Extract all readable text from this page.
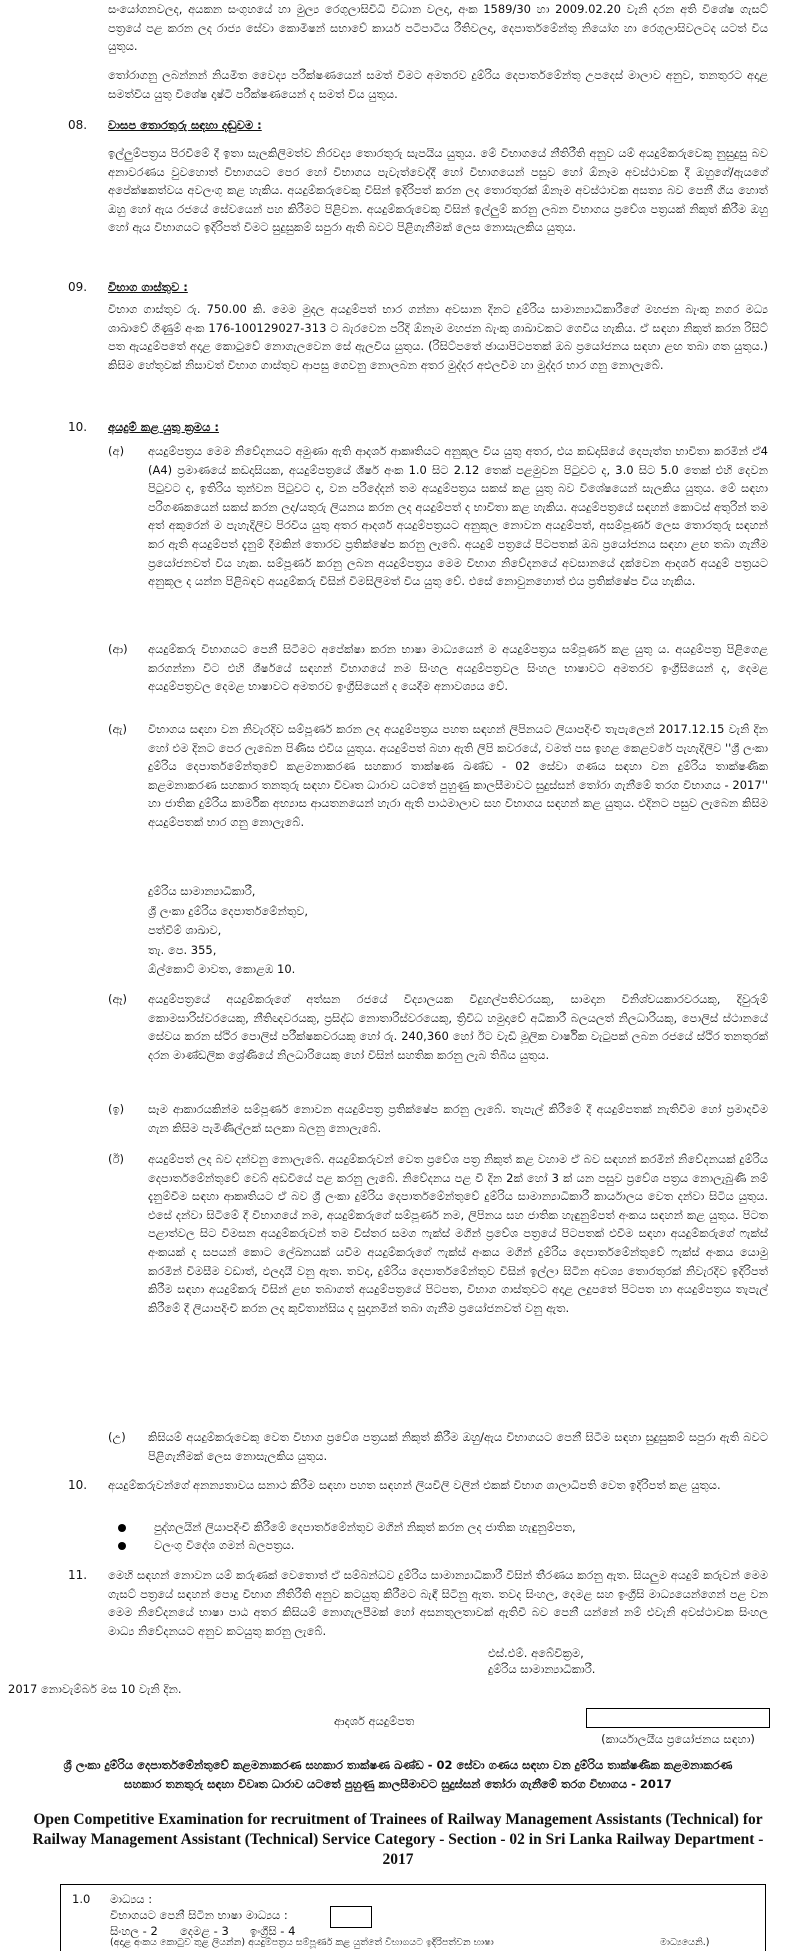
සංයෝගනවලද, අයකන සංගුහයේ හා මුල්‍ය රෙගුලාසිවිධි විධාන වලදා, අංක 1589/30 හා 2009.02.20 වැනි දරන අති විශේෂ ගැසට් පත්‍රයේ පළ කරන ලද රාජ්‍ය සේවා කොමිෂන් සභාවේ කාර්ය පටිපාටිය රීතිවලදා, දෙපාර්තමේන්තු නියෝග හා රෙගුලාසිවලටද යටත් විය යුතුය.

තෝරාගනු ලබන්නන් නියමිත වෛද්‍ය පරීක්ෂණයෙන් සමත් විමට අමතරව දුම්රිය දෙපාර්තමේන්තු උපදෙස් මාලාව අනුව, තනතුරට අදාළ සමත්විය යුතු විශේෂ දෘෂ්ටි පරීක්ෂණයෙන් ද සමත් විය යුතුය.

08. වාසප තොරතුරු සඳහා දඬුවම :

ඉල්ලුම්පත්‍රය පිරවීමේ දී ඉතා සැලකිලිමත්ව නිරවද්‍ය තොරතුරු සැපයිය යුතුය. මේ විභාගයේ නීතිරීති අනුව යම් අයදුම්කරුවෙකු නුසුදුසු බව අනාවරණය වුවහොත් විභාගයට පෙර හෝ විභාගය පැවැත්වෙද්දී හෝ විභාගයෙන් පසුව හෝ ඕනෑම අවස්ථාවක දී ඔහුගේ/ඇයගේ අපේක්ෂකත්වය අවලංගු කළ හැකිය. අයදුම්කරුවෙකු විසින් ඉදිරිපත් කරන ලද තොරතුරක් ඕනෑම අවස්ථාවක අසත්‍ය බව පෙනී ගිය හොත් ඔහු හෝ ඇය රජයේ සේවයෙන් පහ කිරීමට පිළිවන. අයදුම්කරුවෙකු විසින් ඉල්ලුම් කරනු ලබන විභාගය ප්‍රවේශ පත්‍රයක් නිකුත් කිරීම ඔහු හෝ ඇය විභාගයට ඉදිරිපත් විමට සුදුසුකම් සපුරා ඇති බවට පිළිගැනීමක් ලෙස නොසැලකිය යුතුය.

09. විභාග ගාස්තුව :

විභාග ගාස්තුව රු. 750.00 කි. මෙම මුදල අයදුම්පත් භාර ගන්නා අවසාන දිනට දුම්රිය සාමාන්‍යාධිකාරීගේ මහජන බැංකු නගර මධ්‍ය ශාඛාවේ ගිණුම් අංක 176-100129027-313 ට බැරවෙන පරිදි ඕනෑම මහජන බැංකු ශාඛාවකට ගෙවිය හැකිය. ඒ සඳහා නිකුත් කරන රිසිට් පත ඇයදුම්පතේ අදාළ කොටුවේ නොගැලවෙන සේ ඇලවිය යුතුය. (රිසිට්පතේ ඡායාපිටපතක් ඔබ ප්‍රයෝජනය සඳහා ළඟ තබා ගත යුතුය.) කිසිම හේතුවක් නිසාවත් විභාග ගාස්තුව ආපසු ගෙවනු නොලබන අතර මුද්දර අඑලවීම හා මුද්දර භාර ගනු නොලැබේ.

10. අයදුම් කළ යුතු ක්‍රමය :
(අ) අයදුම්පත්‍රය මෙම නිවේදනයට අමුණා ඇති ආදර්ශ ආකෘතියට අනුකූල විය යුතු අතර, එය කඩදාසියේ දෙපැත්ත භාවිතා කරමින් ඒ4 (A4) ප්‍රමාණයේ කඩදාසියක, අයදුම්පත්‍රයේ ශීර්ෂ අංක 1.0 සිට 2.12 තෙක් පළමුවන පිටුවට ද, 3.0 සිට 5.0 තෙක් එහි දෙවන පිටුවට ද, ඉතිරිය තුන්වන පිටුවට ද, වන පරිදේදන් තම අයදුම්පත්‍රය සකස් කළ යුතු බව විශේෂයෙන් සැලකිය යුතුය. මේ සඳහා පරිගණකයෙන් සකස් කරන ලද/යතුරු ලියනය කරන ලද අයදුම්පත් ද භාවිතා කළ හැකිය. අයදුම්පත්‍රයේ සඳහන් කොටස් අතුරින් තම අත් අකුරෙන් ම පැහැදිලිව පිරවිය යුතු අතර ආදර්ශ අයදුම්පත්‍රයට අනුකූල නොවන අයදුම්පත්, අසම්පූර්ණ ලෙස තොරතුරු සඳහන් කර ඇති අයදුම්පත් දැනුම් දීමකින් තොරව ප්‍රතික්ෂේප කරනු ලැබේ. අයදුම් පත්‍රයේ පිටපතක් ඔබ ප්‍රයෝජනය සඳහා ළඟ තබා ගැනීම ප්‍රයෝජනවත් විය හැක. සම්පූර්ණ කරනු ලබන අයදුම්පත්‍රය මෙම විභාග නිවේදනයේ අවසානයේ දක්වෙන ආදර්ශ අයදුම් පත්‍රයට අනුකූල ද යන්න පිළිබඳව අයදුම්කරු විසින් විමසිලිමත් විය යුතු වේ. එසේ නොවුනහොත් එය ප්‍රතික්ෂේප විය හැකිය.

(ආ) අයදුම්කරු විභාගයට පෙනී සිටීමට අපේක්ෂා කරන භාෂා මාධ්‍යයෙන් ම අයදුම්පත්‍රය සම්පූර්ණ කළ යුතු ය. අයදුම්පත්‍ර පිළිගෙළ කරගන්නා විට එහි ශීර්ෂයේ සඳහන් විභාගයේ නම සිංහල අයදුම්පත්‍රවල සිංහල භාෂාවට අමතරව ඉංග්‍රීසියෙන් ද, දෙමළ අයදුම්පත්‍රවල දෙමළ භාෂාවට අමතරව ඉංග්‍රීසියෙන් ද යෙදීම අනාවශ්‍යය වේ.

(ඇ) විභාගය සඳහා වන නිවැරදිව සම්පූර්ණ කරන ලද අයදුම්පත්‍රය පහත සඳහන් ලිපිනයට ලියාපදිංචි තැපැලෙන් 2017.12.15 වැනි දින හෝ එම දිනට පෙර ලැබෙන පිණිස එවිය යුතුය. අයදුම්පත් බහා ඇති ලිපි කවරයේ, වමත් පස ඉහළ කෙළවරේ පැහැදිලිව ''ශ්‍රී ලංකා දුම්රිය දෙපාර්තමේන්තුවේ කළමනාකරණ සහකාර තාක්ෂණ ඛණ්ඩ - 02 සේවා ගණය සඳහා වන දුම්රිය තාක්ෂණික කළමනාකරණ සහකාර තනතුරු සඳහා විවෘත ධාරාව යටතේ පුහුණු කාලසීමාවට සුදුස්සන් තෝරා ගැනීමේ තරග විභාගය - 2017'' හා ජාතික දුම්රිය කාර්මික අභ්‍යාස ආයතනයෙන් හැරා ඇති පාඨමාලාව සහ විභාගය සඳහන් කළ යුතුය. එදිනට පසුව ලැබෙන කිසිම අයදුම්පතක් භාර ගනු නොලැබේ.

දුම්රිය සාමාන්‍යාධිකාරී,
ශ්‍රී ලංකා දුම්රිය දෙපාර්තමේන්තුව,
පත්වීම් ශාඛාව,
තැ. පෙ. 355,
ඕල්කොට් මාවත, කොළඹ 10.
(ඈ) අයදුම්පත්‍රයේ අයදුම්කරුගේ අත්සන රජයේ විද්‍යාලයක විදුහල්පතිවරයකු, සාමදාන විනිශ්චයකාරවරයකු, දිවුරුම් කොමසාරිස්වරයෙකු, නීතිඥවරයකු, ප්‍රසිද්ධ නොතාරිස්වරයෙකු, ත්‍රිවිධ හමුදාවේ අධිකාරී බලයලත් නිලධාරියකු, පොලිස් ස්ථානයේ සේවය කරන ස්ථිර පොලිස් පරීක්ෂකවරයකු හෝ රු. 240,360 හෝ ඊට වැඩි මූලික වාර්ෂික වැටුපක් ලබන රජයේ ස්ථිර තනතුරක් දරන මාණ්ඩලික ශ්‍රේණියේ නිලධාරියෙකු හෝ විසින් සහතික කරනු ලැබ තිබිය යුතුය.

(ඉ) සෑම ආකාරයකින්ම සම්පූර්ණ නොවන අයදුම්පත්‍ර ප්‍රතික්ෂේප කරනු ලැබේ. තැපැල් කිරීමේ දී අයදුම්පතක් නැතිවීම හෝ ප්‍රමාදවීම ගැන කිසිම පැමිණිල්ලක් සලකා බලනු නොලැබේ.

(ඊ) අයදුම්පත් ලද බව දන්වනු නොලැබේ. අයදුම්කරුවන් වෙත ප්‍රවේශ පත්‍ර නිකුත් කළ වහාම ඒ බව සඳහන් කරමින් නිවේදනයක් දුම්රිය දෙපාර්තමේන්තුවේ වෙබ් අඩවියේ පළ කරනු ලැබේ. නිවේදනය පළ වී දින 2ක් හෝ 3 ක් යන පසුව ප්‍රවේශ පත්‍රය නොලැබුණි නම් දැනුම්වීම සඳහා ආකෘතියට ඒ බව ශ්‍රී ලංකා දුම්රිය දෙපාර්තමේන්තුවේ දුම්රිය සාමාන්‍යාධිකාරී කාර්යාලය වෙත දන්වා සිටිය යුතුය. එසේ දන්වා සිටිමේ දී විභාගයේ නම, අයදුම්කරුගේ සම්පූර්ණ නම, ලිපිනය සහ ජාතික හැඳුනුම්පත් අංකය සඳහන් කළ යුතුය. පිටත පළාත්වල සිට විමසන අයදුම්කරුවන් තම විස්තර සමග ෆැක්ස් මගින් ප්‍රවේශ පත්‍රයේ පිටපතක් එවීම සඳහා අයදුම්කරුගේ ෆැක්ස් අංකයක් ද සපයන් කොට ලේඛනයක් යවීම අයදුම්කරුගේ ෆැක්ස් අංකය මගින් දුම්රිය දෙපාර්තමේන්තුවේ ෆැක්ස් අංකය යොමු කරමින් විමසීම වඩාත්, ඵලදායී වනු ඇත. තවද, දුම්රිය දෙපාර්තමේන්තුව විසින් ඉල්ලා සිටින අවශ්‍ය තොරතුරක් නිවැරදිව ඉදිරිපත් කිරීම සඳහා අයදුම්කරු විසින් ළඟ තබාගත් අයදුම්පත්‍රයේ පිටපත, විභාග ගාස්තුවට අදාළ ලදුපතේ පිටපත හා අයදුම්පත්‍රය තැපැල් කිරීමේ දී ලියාපදිංචි කරන ලද කුවිතාන්සිය ද සුදානමින් තබා ගැනීම ප්‍රයෝජනවත් වනු ඇත.

(උ) කිසියම් අයදුම්කරුවෙකු වෙත විභාග ප්‍රවේශ පත්‍රයක් නිකුත් කිරීම ඔහු/ඇය විභාගයට පෙනී සිටීම සඳහා සුදුසුකම් සපුරා ඇති බවට පිළිගැනීමක් ලෙස නොසැලකිය යුතුය.

10. අයදුම්කරුවන්ගේ අනන්‍යතාවය සනාථ කිරීම සඳහා පහත සඳහන් ලියවිලි වලින් එකක් විභාග ශාලාධිපති වෙත ඉදිරිපත් කළ යුතුය.

පුද්ගලයින් ලියාපදිංචි කිරීමේ දෙපාර්තමේන්තුව මගින් නිකුත් කරන ලද ජාතික හැඳුනුම්පත,
වලංගු විදේශ ගමන් බලපත්‍රය.
11. මෙහි සඳහන් නොවන යම් කරුණක් වෙතොත් ඒ සම්බන්ධව දුම්රිය සාමාන්‍යාධිකාරී විසින් තීරණය කරනු ඇත. සියලුම අයදුම් කරුවන් මෙම ගැසට් පත්‍රයේ සඳහන් පොදු විභාග නීතිරීති අනුව කටයුතු කිරීමට බැඳී සිටිනු ඇත. තවද සිංහල, දෙමළ සහ ඉංග්‍රීසි මාධ්‍යයෙන්ගෙන් පළ වන මෙම නිවේදනයේ භාෂා පාඨ අතර කිසියම් නොගැලපීමක් හෝ අසනතුලතාවක් ඇතිවී බව පෙනී යන්නේ නම් එවැනි අවස්ථාවක සිංහල මාධ්‍ය නිවේදනයට අනුව කටයුතු කරනු ලැබේ.

එස්.එම්. අබේවික්‍රම,
දුම්රිය සාමාන්‍යාධිකාරී.
2017 නොවැම්බර් මස 10 වැනි දින.
ආදර්ශ අයදුම්පත
(කාර්යාලයීය ප්‍රයෝජනය සඳහා)
ශ්‍රී ලංකා දුම්රිය දෙපාර්තමේන්තුවේ කළමනාකරණ සහකාර තාක්ෂණ ඛණ්ඩ - 02 සේවා ගණය සඳහා වන දුම්රිය තාක්ෂණික කළමනාකරණ සහකාර තනතුරු සඳහා විවෘත ධාරාව යටතේ පුහුණු කාලසීමාවට සුදුස්සන් තෝරා ගැනීමේ තරග විභාගය - 2017
Open Competitive Examination for recruitment of Trainees of Railway Management Assistants (Technical) for Railway Management Assistant (Technical) Service Category - Section - 02 in Sri Lanka Railway Department - 2017
1.0 මාධ්‍යය :
විභාගයට පෙනී සිටින භාෂා මාධ්‍යය :
සිංහල - 2 දෙමළ - 3 ඉංග්‍රීසි - 4
(අදාළ අංකය කොටුව තුළ ලියන්න) අයදුම්පත්‍රය සම්පූර්ණ කළ යුත්තේ විභාගයට ඉදිරිපත්වන භාෂා	මාධ්‍යයෙනි.)
